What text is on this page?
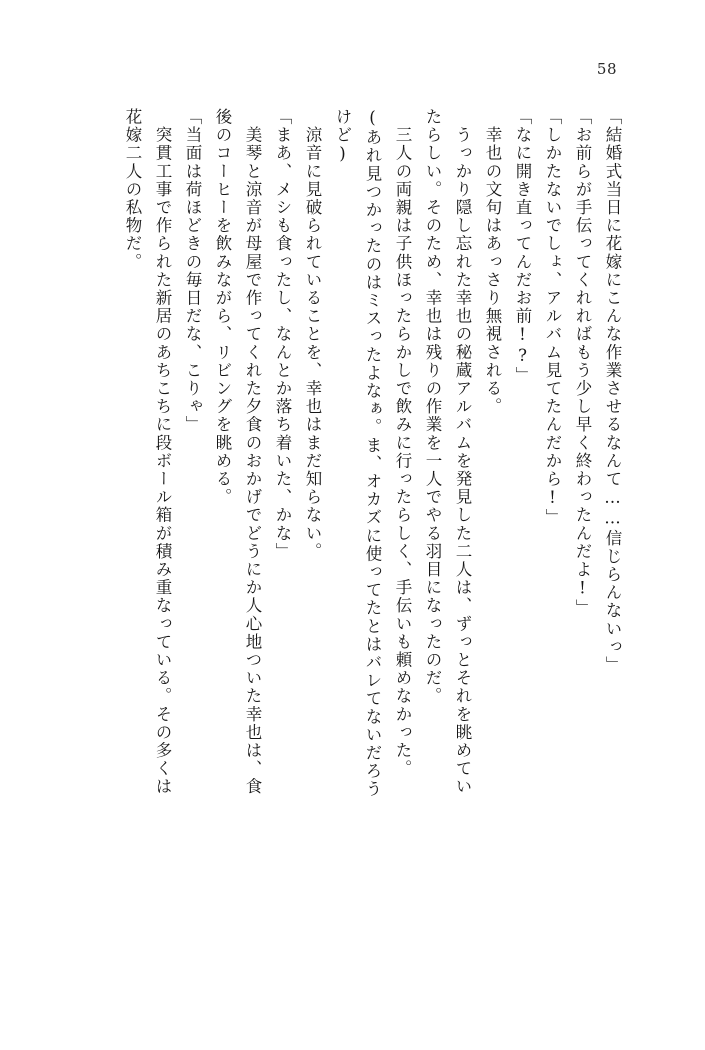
58
「結婚式当日に花嫁にこんな作業させるなんて……信じらんないっ」
「お前らが手伝ってくれればもう少し早く終わったんだよ!」
「しかたないでしょ、アルバム見てたんだから!」
「なに開き直ってんだお前!?」
　幸也の文句はあっさり無視される。
　うっかり隠し忘れた幸也の秘蔵アルバムを発見した二人は、ずっとそれを眺めてい
たらしい。そのため、幸也は残りの作業を一人でやる羽目になったのだ。
　三人の両親は子供ほったらかしで飲みに行ったらしく、手伝いも頼めなかった。
(あれ見つかったのはミスったよなぁ。ま、オカズに使ってたとはバレてないだろう
けど)
　涼音に見破られていることを、幸也はまだ知らない。
「まあ、メシも食ったし、なんとか落ち着いた、かな」
　美琴と涼音が母屋で作ってくれた夕食のおかげでどうにか人心地ついた幸也は、食
後のコーヒーを飲みながら、リビングを眺める。
「当面は荷ほどきの毎日だな、こりゃ」
　突貫工事で作られた新居のあちこちに段ボール箱が積み重なっている。その多くは
花嫁二人の私物だ。
